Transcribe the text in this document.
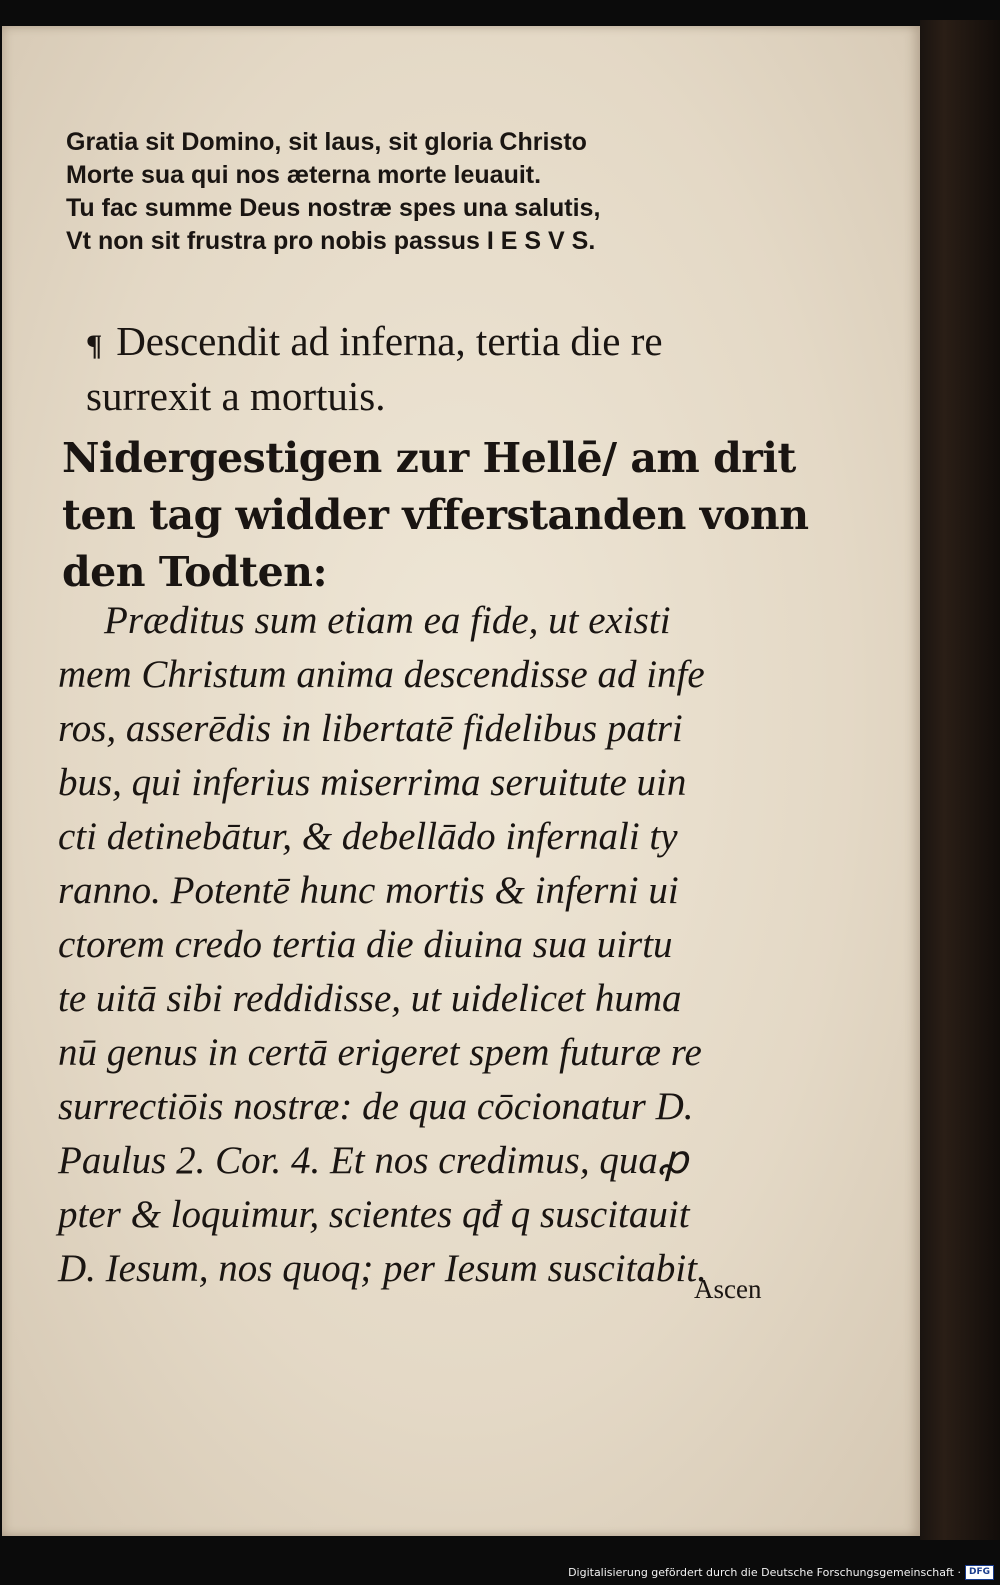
Gratia sit Domino, sit laus, sit gloria Christo
Morte sua qui nos æterna morte leuauit.
Tu fac summe Deus nostræ spes una salutis,
Vt non sit frustra pro nobis passus I E S V S.
¶ Descendit ad inferna, tertia die re
surrexit a mortuis.
Nidergestigen zur Hellē/ am drit
ten tag widder vfferstanden vonn
den Todten:
Præditus sum etiam ea fide, ut existi
mem Christum anima descendisse ad infe
ros, asserēdis in libertatē fidelibus patri
bus, qui inferius miserrima seruitute uin
cti detinebātur, & debellādo infernali ty
ranno. Potentē hunc mortis & inferni ui
ctorem credo tertia die diuina sua uirtu
te uitā sibi reddidisse, ut uidelicet huma
nū genus in certā erigeret spem futuræ re
surrectiōis nostræ: de qua cōcionatur D.
Paulus 2. Cor. 4. Et nos credimus, quaꝓ
pter & loquimur, scientes qđ q suscitauit
D. Iesum, nos quoq; per Iesum suscitabit.
Ascen
Digitalisierung gefördert durch die Deutsche Forschungsgemeinschaft · DFG
